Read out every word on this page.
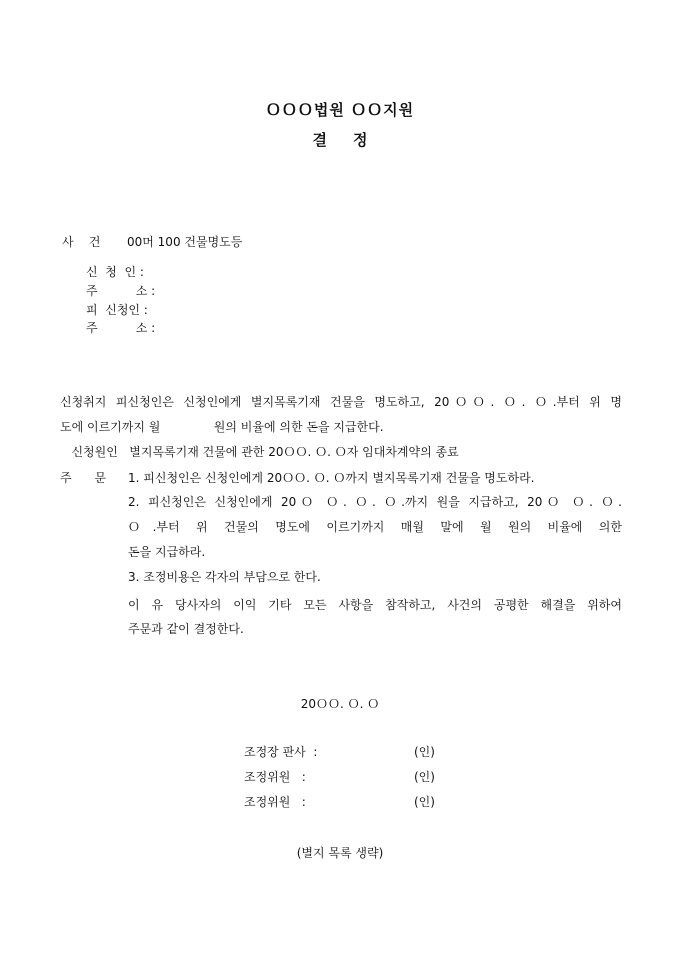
ＯＯＯ법원 ＯＯ지원
결     정
사    건 00머 100 건물명도등
신  청  인 :
주          소 :
피  신청인 :
주          소 :
신청취지 피신청인은 신청인에게 별지목록기재 건물을 명도하고, 20ＯＯ. Ｏ. Ｏ.부터 위 명
도에 이르기까지 월              원의 비율에 의한 돈을 지급한다.
신청원인   별지목록기재 건물에 관한 20ＯＯ. Ｏ. Ｏ자 임대차계약의 종료
주      문 1. 피신청인은 신청인에게 20ＯＯ. Ｏ. Ｏ까지 별지목록기재 건물을 명도하라.
2. 피신청인은 신청인에게 20Ｏ Ｏ. Ｏ. Ｏ.까지 원을 지급하고, 20Ｏ Ｏ. Ｏ.
Ｏ.부터 위 건물의 명도에 이르기까지 매월 말에 월 원의 비율에 의한
돈을 지급하라.
3. 조정비용은 각자의 부담으로 한다.
이 유 당사자의 이익 기타 모든 사항을 참작하고, 사건의 공평한 해결을 위하여
주문과 같이 결정한다.
20ＯＯ. Ｏ. Ｏ
조정장 판사  :	(인)
조정위원   :	(인)
조정위원   :	(인)
(별지 목록 생략)
